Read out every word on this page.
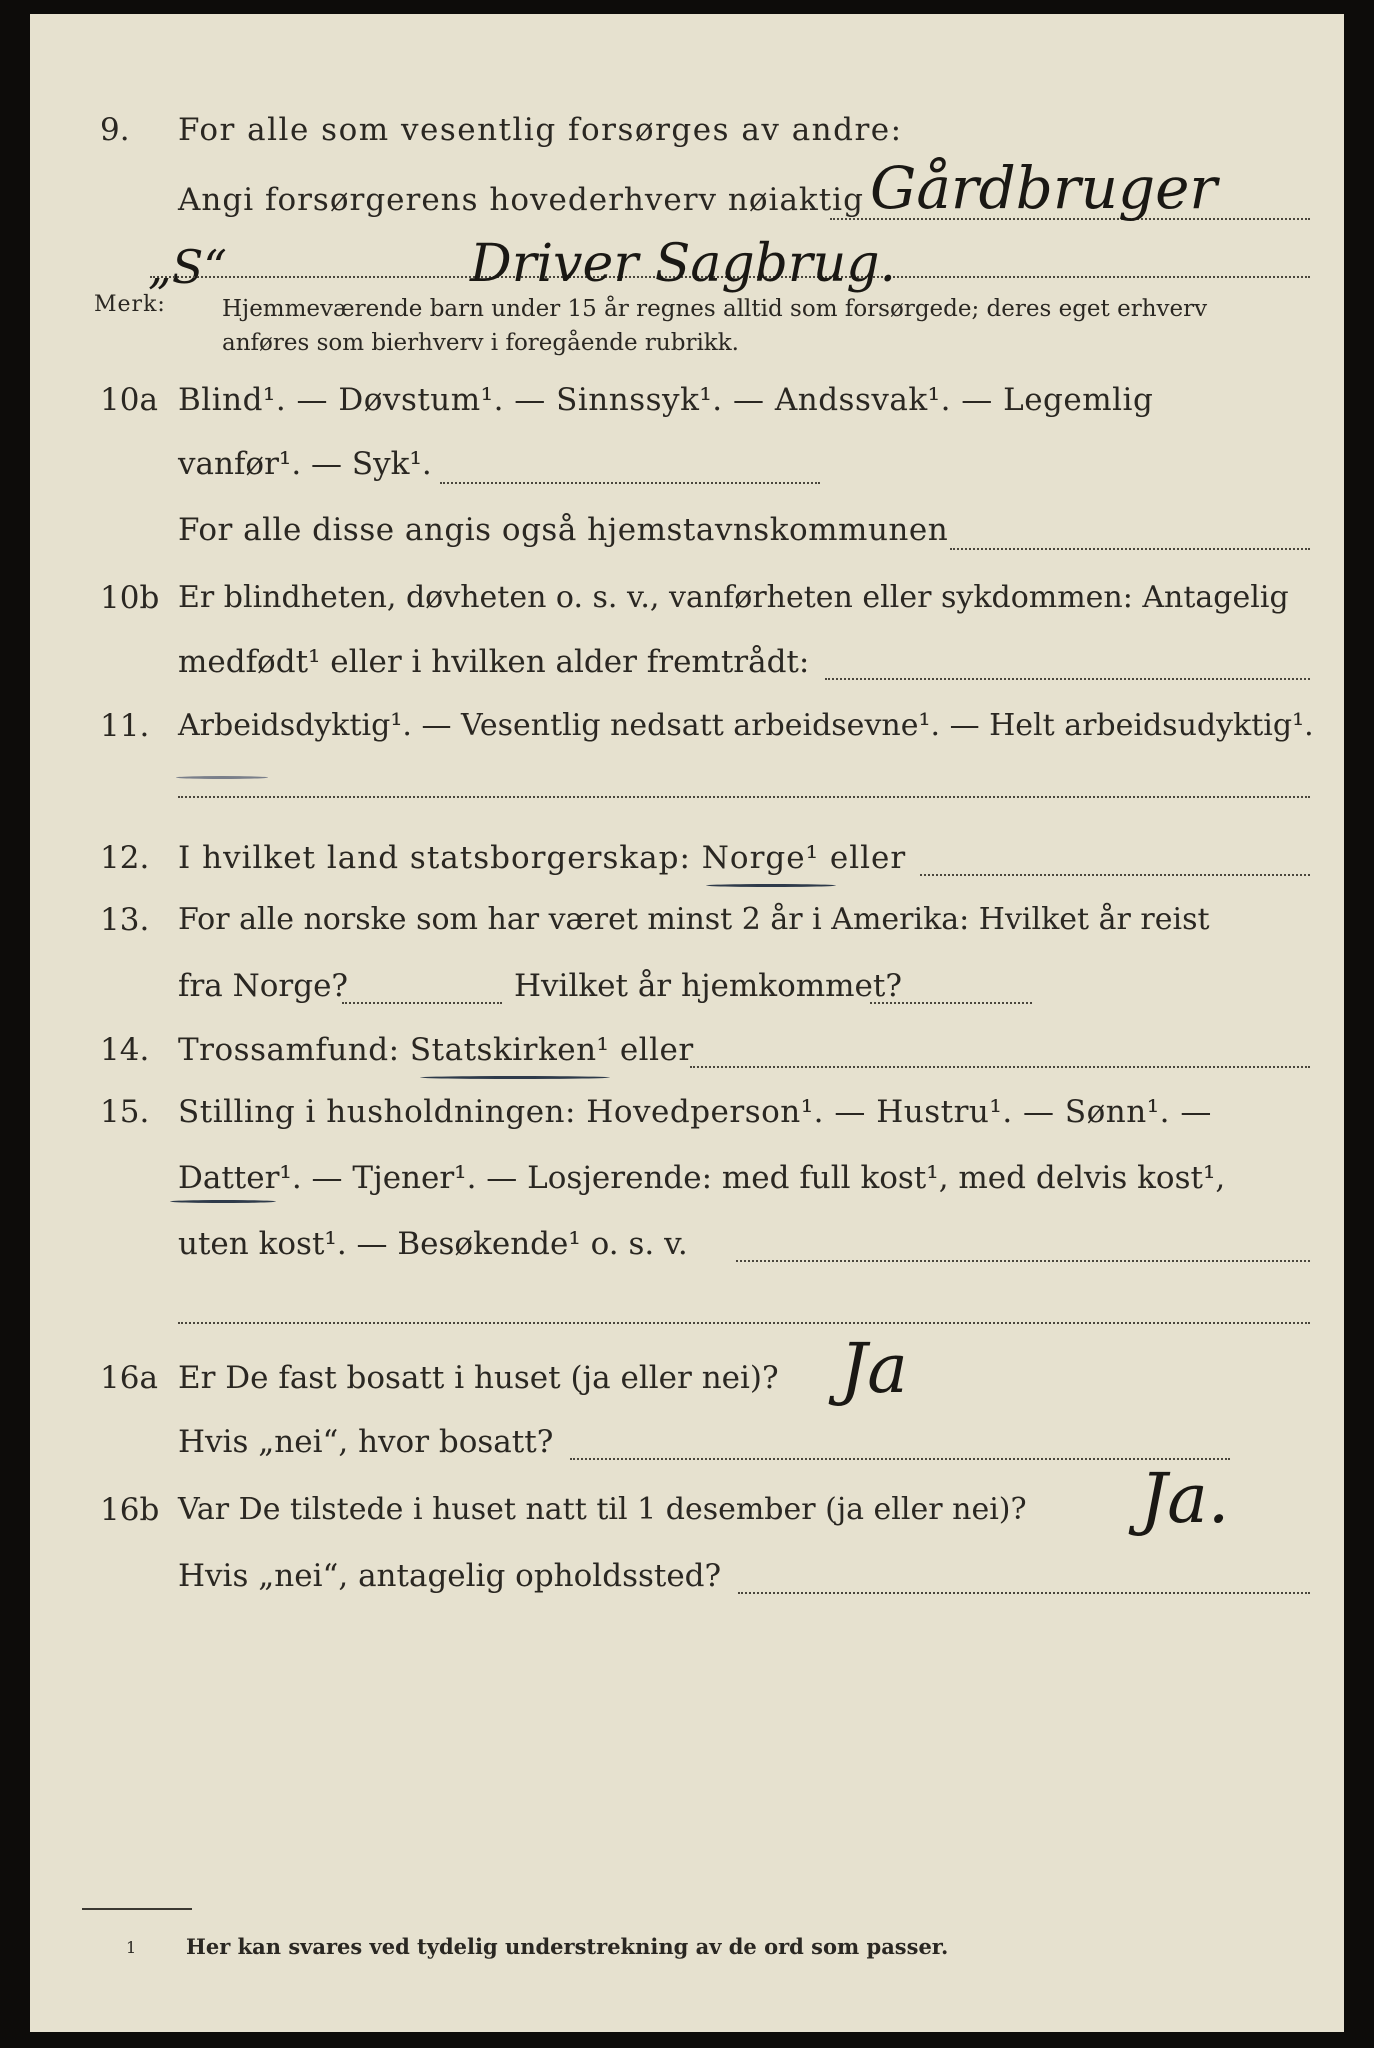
9. For alle som vesentlig forsørges av andre:
Angi forsørgerens hovederhverv nøiaktig Gårdbruger
„S“	Driver Sagbrug.
Merk: Hjemmeværende barn under 15 år regnes alltid som forsørgede; deres eget erhverv
anføres som bierhverv i foregående rubrikk.
10a Blind¹. — Døvstum¹. — Sinnssyk¹. — Andssvak¹. — Legemlig
vanfør¹. — Syk¹.
For alle disse angis også hjemstavnskommunen
10b Er blindheten, døvheten o. s. v., vanførheten eller sykdommen: Antagelig
medfødt¹ eller i hvilken alder fremtrådt:
11. Arbeidsdyktig¹. — Vesentlig nedsatt arbeidsevne¹. — Helt arbeidsudyktig¹.
12. I hvilket land statsborgerskap: Norge¹ eller
13. For alle norske som har været minst 2 år i Amerika: Hvilket år reist
fra Norge?	Hvilket år hjemkommet?
14. Trossamfund: Statskirken¹ eller
15. Stilling i husholdningen: Hovedperson¹. — Hustru¹. — Sønn¹. —
Datter¹. — Tjener¹. — Losjerende: med full kost¹, med delvis kost¹,
uten kost¹. — Besøkende¹ o. s. v.
16a Er De fast bosatt i huset (ja eller nei)? Ja
Hvis „nei“, hvor bosatt?
16b Var De tilstede i huset natt til 1 desember (ja eller nei)? Ja.
Hvis „nei“, antagelig opholdssted?
1 Her kan svares ved tydelig understrekning av de ord som passer.
